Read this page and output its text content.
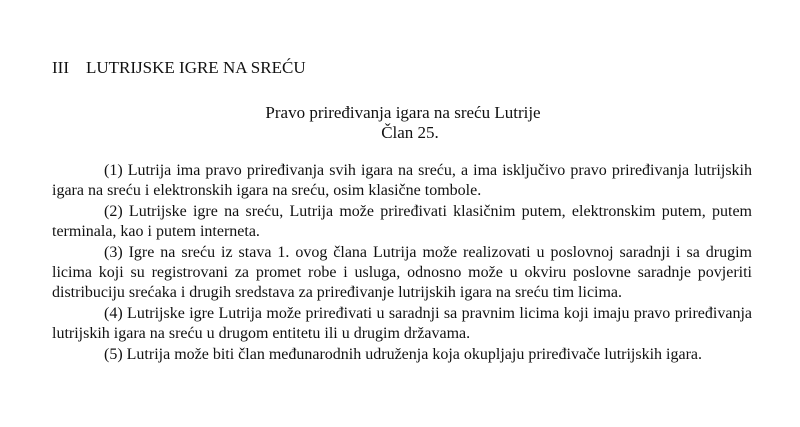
III LUTRIJSKE IGRE NA SREĆU
Pravo priređivanja igara na sreću Lutrije
Član 25.

(1) Lutrija ima pravo priređivanja svih igara na sreću, a ima isključivo pravo priređivanja lutrijskih igara na sreću i elektronskih igara na sreću, osim klasične tombole.

(2) Lutrijske igre na sreću, Lutrija može priređivati klasičnim putem, elektronskim putem, putem terminala, kao i putem interneta.

(3) Igre na sreću iz stava 1. ovog člana Lutrija može realizovati u poslovnoj saradnji i sa drugim licima koji su registrovani za promet robe i usluga, odnosno može u okviru poslovne saradnje povjeriti distribuciju srećaka i drugih sredstava za priređivanje lutrijskih igara na sreću tim licima.

(4) Lutrijske igre Lutrija može priređivati u saradnji sa pravnim licima koji imaju pravo priređivanja lutrijskih igara na sreću u drugom entitetu ili u drugim državama.

(5) Lutrija može biti član međunarodnih udruženja koja okupljaju priređivače lutrijskih igara.
